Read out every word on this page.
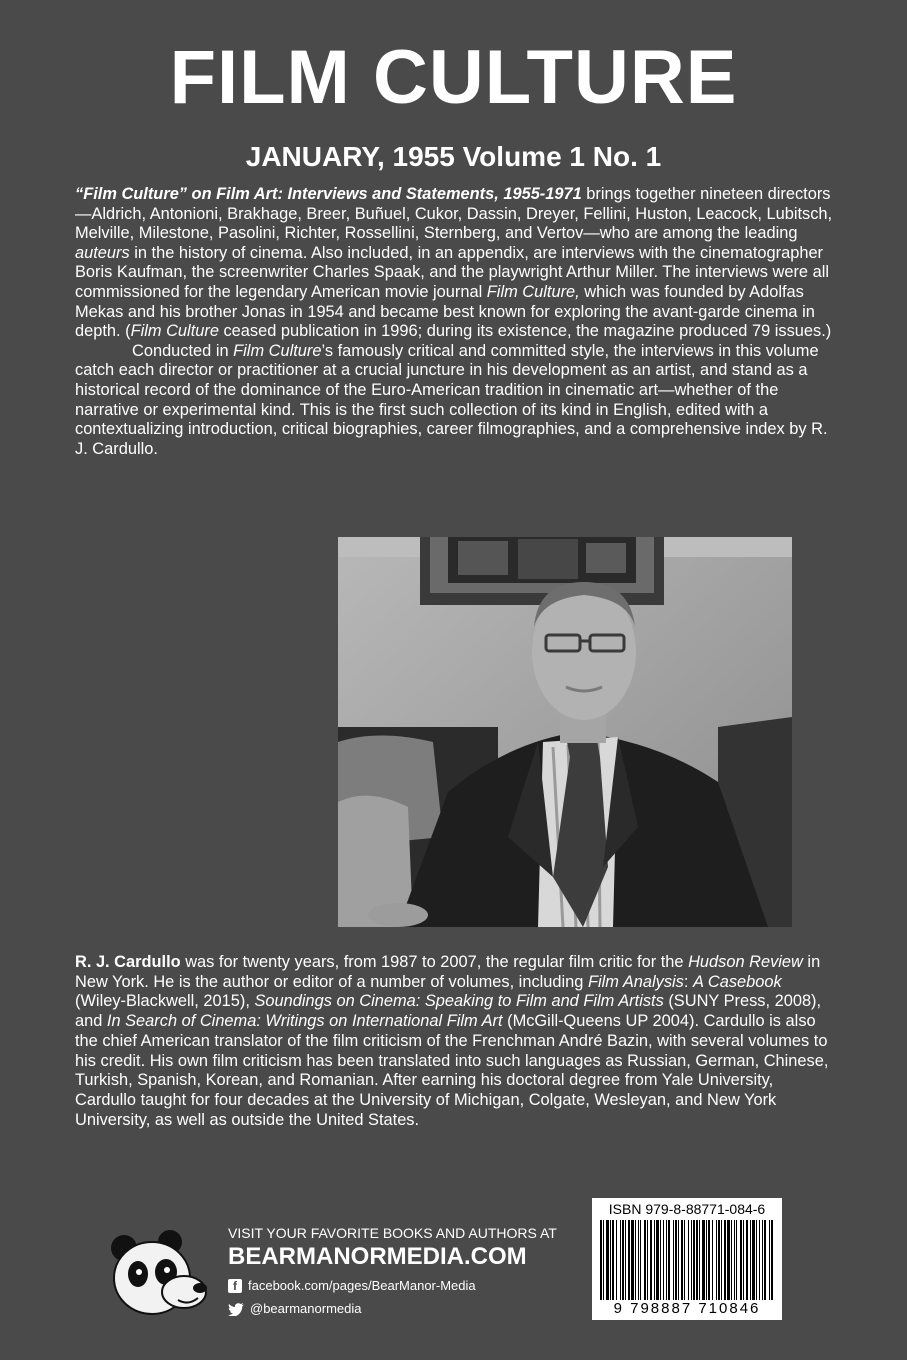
FILM CULTURE
JANUARY, 1955 Volume 1 No. 1

“Film Culture” on Film Art: Interviews and Statements, 1955-1971 brings together nineteen directors—Aldrich, Antonioni, Brakhage, Breer, Buñuel, Cukor, Dassin, Dreyer, Fellini, Huston, Leacock, Lubitsch, Melville, Milestone, Pasolini, Richter, Rossellini, Sternberg, and Vertov—who are among the leading auteurs in the history of cinema. Also included, in an appendix, are interviews with the cinematographer Boris Kaufman, the screenwriter Charles Spaak, and the playwright Arthur Miller. The interviews were all commissioned for the legendary American movie journal Film Culture, which was founded by Adolfas Mekas and his brother Jonas in 1954 and became best known for exploring the avant-garde cinema in depth. (Film Culture ceased publication in 1996; during its existence, the magazine produced 79 issues.)

Conducted in Film Culture’s famously critical and committed style, the interviews in this volume catch each director or practitioner at a crucial juncture in his development as an artist, and stand as a historical record of the dominance of the Euro-American tradition in cinematic art—whether of the narrative or experimental kind. This is the first such collection of its kind in English, edited with a contextualizing introduction, critical biographies, career filmographies, and a comprehensive index by R. J. Cardullo.

R. J. Cardullo was for twenty years, from 1987 to 2007, the regular film critic for the Hudson Review in New York. He is the author or editor of a number of volumes, including Film Analysis: A Casebook (Wiley-Blackwell, 2015), Soundings on Cinema: Speaking to Film and Film Artists (SUNY Press, 2008), and In Search of Cinema: Writings on International Film Art (McGill-Queens UP 2004). Cardullo is also the chief American translator of the film criticism of the Frenchman André Bazin, with several volumes to his credit. His own film criticism has been translated into such languages as Russian, German, Chinese, Turkish, Spanish, Korean, and Romanian. After earning his doctoral degree from Yale University, Cardullo taught for four decades at the University of Michigan, Colgate, Wesleyan, and New York University, as well as outside the United States.

VISIT YOUR FAVORITE BOOKS AND AUTHORS AT

BEARMANORMEDIA.COM

f facebook.com/pages/BearManor-Media
@bearmanormedia
ISBN 979-8-88771-084-6
9 798887 710846
